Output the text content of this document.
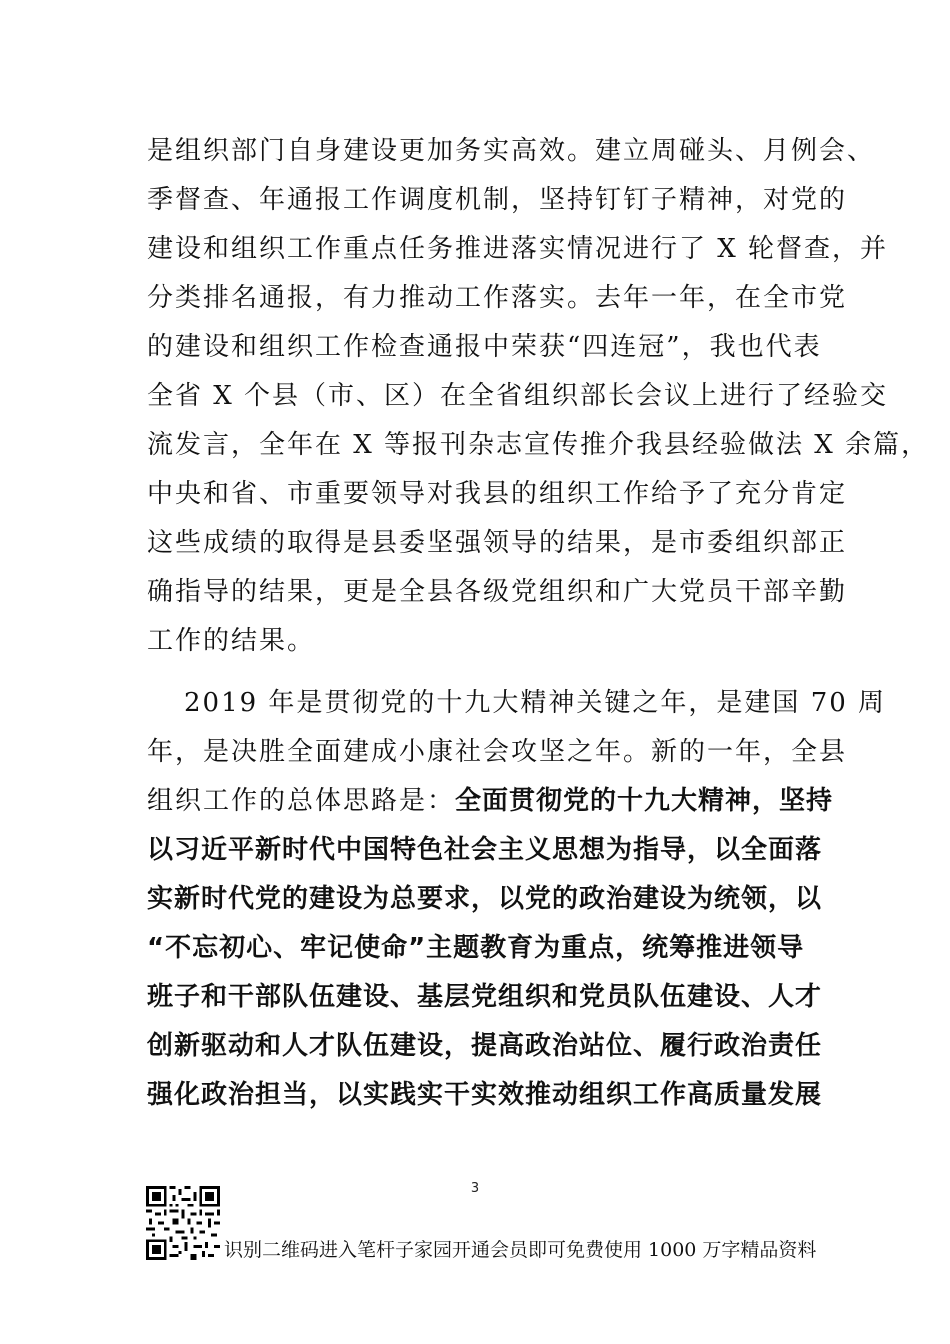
是组织部门自身建设更加务实高效。建立周碰头、月例会、
季督查、年通报工作调度机制，坚持钉钉子精神，对党的
建设和组织工作重点任务推进落实情况进行了 X 轮督查，并
分类排名通报，有力推动工作落实。去年一年，在全市党
的建设和组织工作检查通报中荣获“四连冠”，我也代表
全省 X 个县（市、区）在全省组织部长会议上进行了经验交
流发言，全年在 X 等报刊杂志宣传推介我县经验做法 X 余篇，
中央和省、市重要领导对我县的组织工作给予了充分肯定
这些成绩的取得是县委坚强领导的结果，是市委组织部正
确指导的结果，更是全县各级党组织和广大党员干部辛勤
工作的结果。
2019 年是贯彻党的十九大精神关键之年，是建国 70 周
年，是决胜全面建成小康社会攻坚之年。新的一年，全县
组织工作的总体思路是：全面贯彻党的十九大精神，坚持
以习近平新时代中国特色社会主义思想为指导，以全面落
实新时代党的建设为总要求，以党的政治建设为统领，以
“不忘初心、牢记使命”主题教育为重点，统筹推进领导
班子和干部队伍建设、基层党组织和党员队伍建设、人才
创新驱动和人才队伍建设，提高政治站位、履行政治责任
强化政治担当，以实践实干实效推动组织工作高质量发展
3
识别二维码进入笔杆子家园开通会员即可免费使用 1000 万字精品资料
